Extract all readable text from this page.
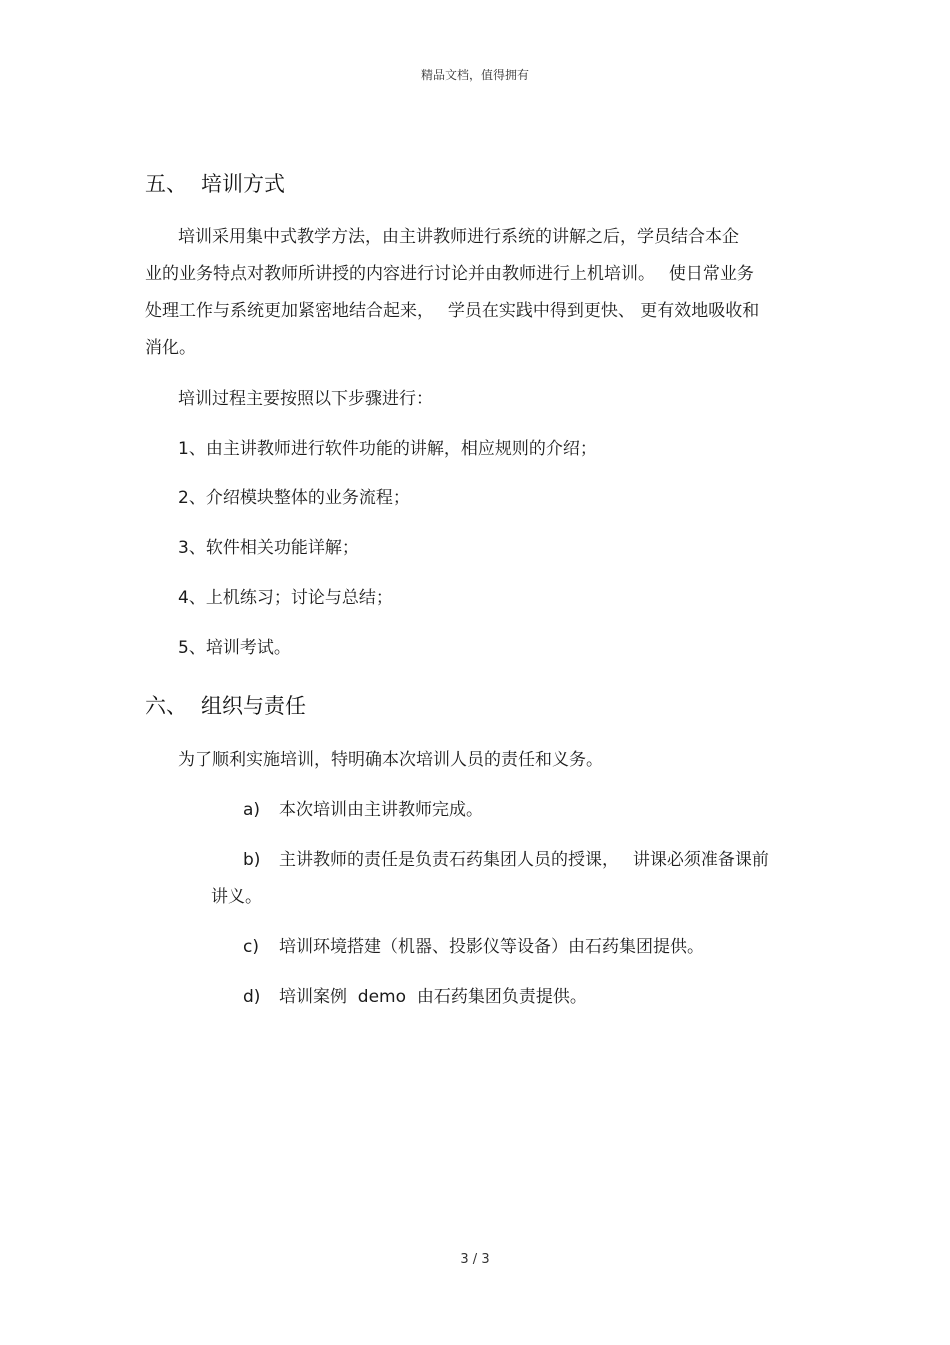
精品文档，值得拥有
五、 培训方式
培训采用集中式教学方法，由主讲教师进行系统的讲解之后，学员结合本企
业的业务特点对教师所讲授的内容进行讨论并由教师进行上机培训。　 使日常业务
处理工作与系统更加紧密地结合起来，　 学员在实践中得到更快、 更有效地吸收和
消化。
培训过程主要按照以下步骤进行：
1、由主讲教师进行软件功能的讲解，相应规则的介绍；
2、介绍模块整体的业务流程；
3、软件相关功能详解；
4、上机练习；讨论与总结；
5、培训考试。
六、 组织与责任
为了顺利实施培训，特明确本次培训人员的责任和义务。
a) 本次培训由主讲教师完成。
b) 主讲教师的责任是负责石药集团人员的授课，　 讲课必须准备课前
讲义。
c) 培训环境搭建（机器、投影仪等设备）由石药集团提供。
d) 培训案例  demo  由石药集团负责提供。
3 / 3
